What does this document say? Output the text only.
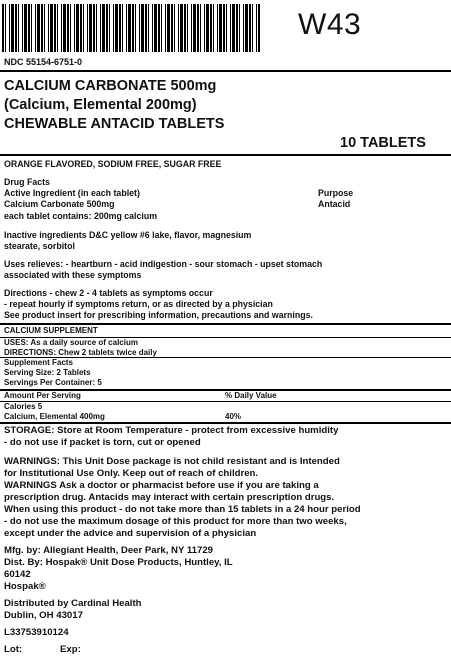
W43
NDC 55154-6751-0
CALCIUM CARBONATE 500mg
(Calcium, Elemental 200mg)
CHEWABLE ANTACID TABLETS
10 TABLETS
ORANGE FLAVORED, SODIUM FREE, SUGAR FREE
Drug Facts
Active Ingredient (in each tablet)	Purpose
Calcium Carbonate 500mg	Antacid
each tablet contains: 200mg calcium
Inactive ingredients D&C yellow #6 lake, flavor, magnesium
stearate, sorbitol
Uses relieves: - heartburn - acid indigestion - sour stomach - upset stomach
associated with these symptoms
Directions - chew 2 - 4 tablets as symptoms occur
- repeat hourly if symptoms return, or as directed by a physician
See product insert for prescribing information, precautions and warnings.
CALCIUM SUPPLEMENT
USES: As a daily source of calcium
DIRECTIONS: Chew 2 tablets twice daily
Supplement Facts
Serving Size: 2 Tablets
Servings Per Container: 5
Amount Per Serving	% Daily Value
Calories 5
Calcium, Elemental 400mg	40%
STORAGE: Store at Room Temperature - protect from excessive humidity
- do not use if packet is torn, cut or opened
WARNINGS: This Unit Dose package is not child resistant and is Intended
for Institutional Use Only. Keep out of reach of children.
WARNINGS Ask a doctor or pharmacist before use if you are taking a
prescription drug. Antacids may interact with certain prescription drugs.
When using this product - do not take more than 15 tablets in a 24 hour period
- do not use the maximum dosage of this product for more than two weeks,
except under the advice and supervision of a physician
Mfg. by: Allegiant Health, Deer Park, NY 11729
Dist. By: Hospak® Unit Dose Products, Huntley, IL
60142
Hospak®
Distributed by Cardinal Health
Dublin, OH 43017
L33753910124
Lot:	Exp:
